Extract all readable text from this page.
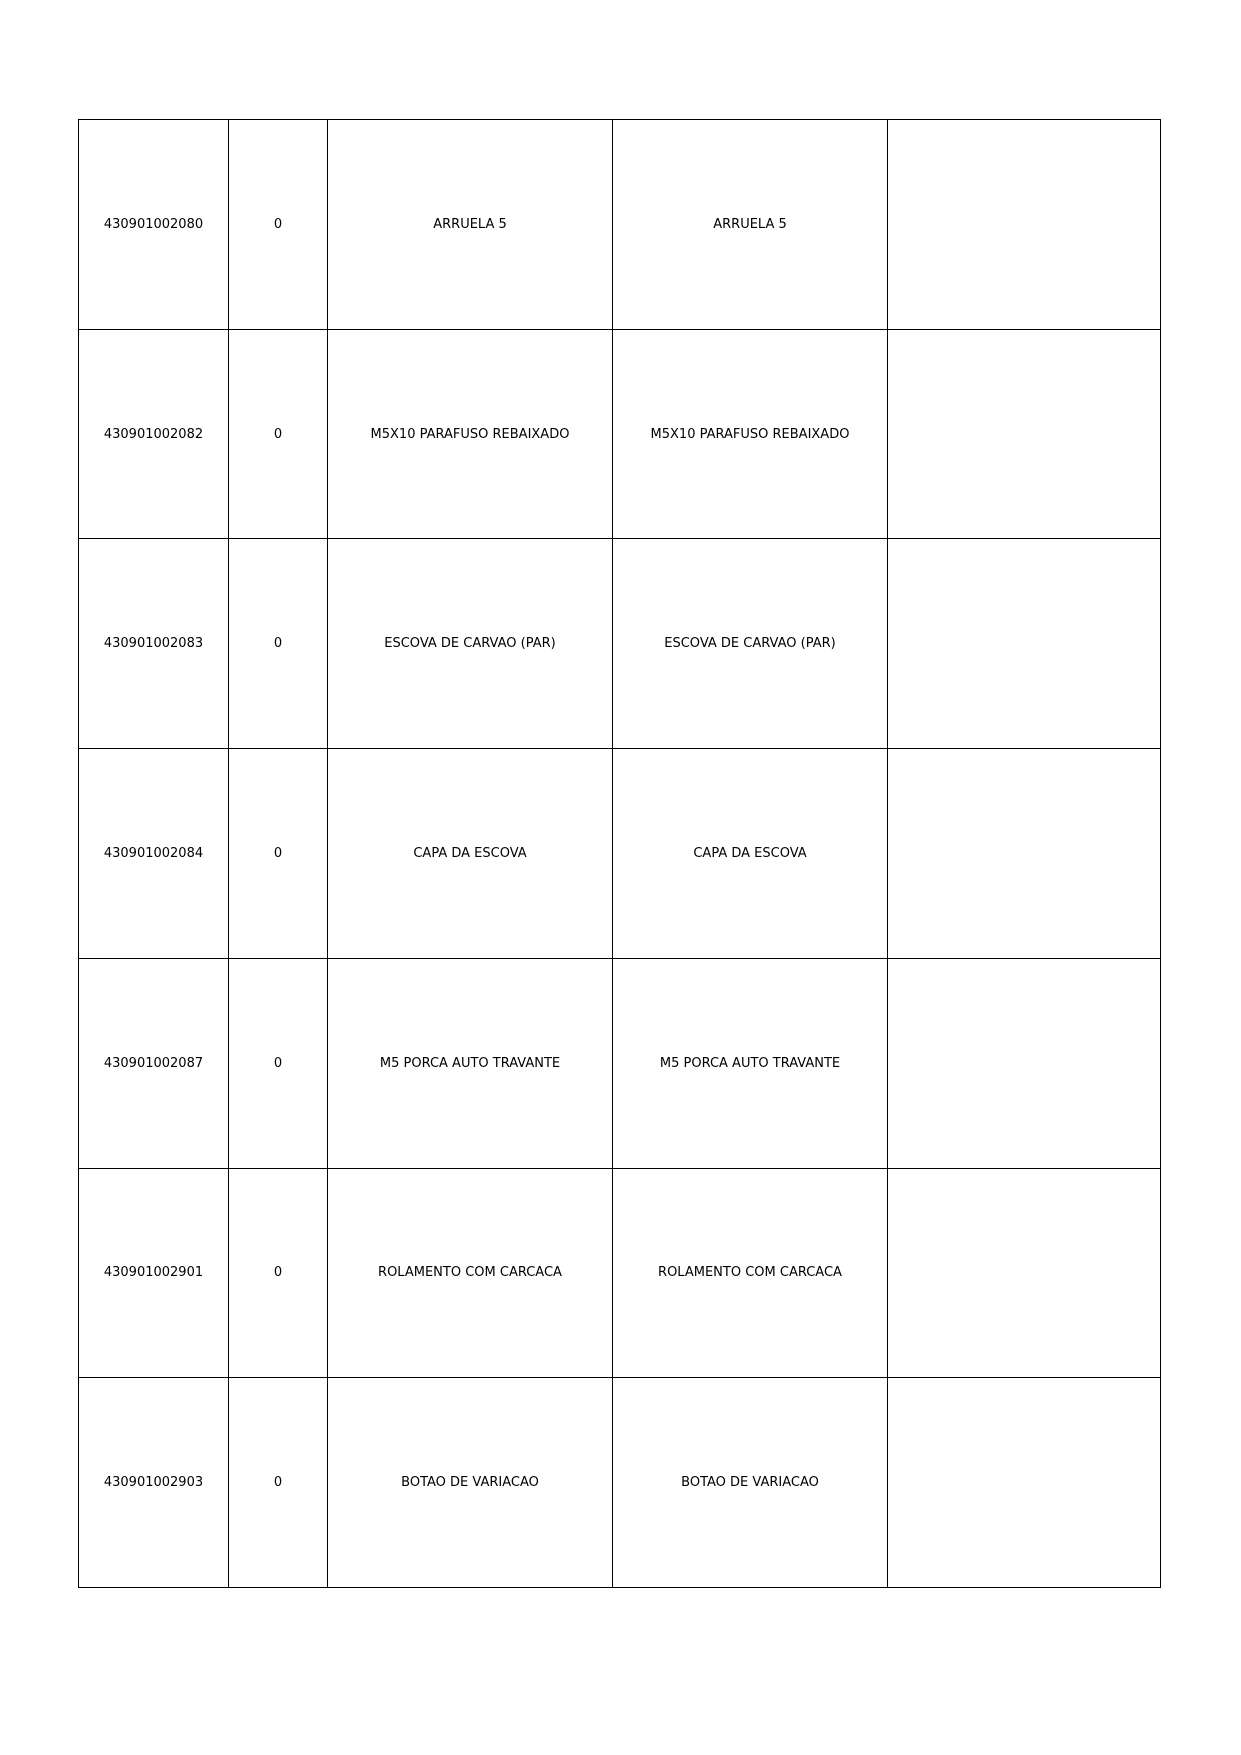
430901002080	0	ARRUELA 5	ARRUELA 5	
430901002082	0	M5X10 PARAFUSO REBAIXADO	M5X10 PARAFUSO REBAIXADO	
430901002083	0	ESCOVA DE CARVAO (PAR)	ESCOVA DE CARVAO (PAR)	
430901002084	0	CAPA DA ESCOVA	CAPA DA ESCOVA	
430901002087	0	M5 PORCA AUTO TRAVANTE	M5 PORCA AUTO TRAVANTE	
430901002901	0	ROLAMENTO COM CARCACA	ROLAMENTO COM CARCACA	
430901002903	0	BOTAO DE VARIACAO	BOTAO DE VARIACAO	
